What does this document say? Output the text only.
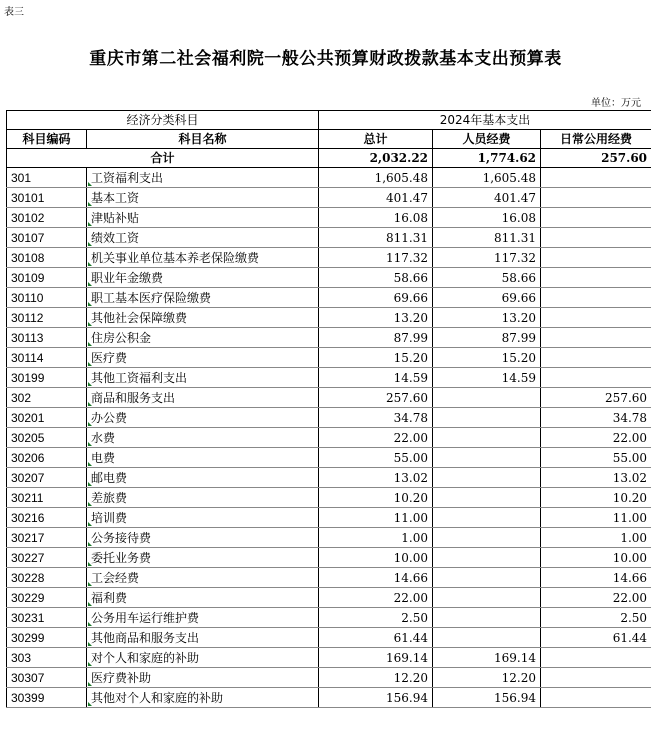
表三
重庆市第二社会福利院一般公共预算财政拨款基本支出预算表
单位：万元
经济分类科目		2024年基本支出		
科目编码	科目名称	总计	人员经费	日常公用经费
合计		2,032.22	1,774.62	257.60
301	工资福利支出	1,605.48	1,605.48	
30101	基本工资	401.47	401.47	
30102	津贴补贴	16.08	16.08	
30107	绩效工资	811.31	811.31	
30108	机关事业单位基本养老保险缴费	117.32	117.32	
30109	职业年金缴费	58.66	58.66	
30110	职工基本医疗保险缴费	69.66	69.66	
30112	其他社会保障缴费	13.20	13.20	
30113	住房公积金	87.99	87.99	
30114	医疗费	15.20	15.20	
30199	其他工资福利支出	14.59	14.59	
302	商品和服务支出	257.60		257.60
30201	办公费	34.78		34.78
30205	水费	22.00		22.00
30206	电费	55.00		55.00
30207	邮电费	13.02		13.02
30211	差旅费	10.20		10.20
30216	培训费	11.00		11.00
30217	公务接待费	1.00		1.00
30227	委托业务费	10.00		10.00
30228	工会经费	14.66		14.66
30229	福利费	22.00		22.00
30231	公务用车运行维护费	2.50		2.50
30299	其他商品和服务支出	61.44		61.44
303	对个人和家庭的补助	169.14	169.14	
30307	医疗费补助	12.20	12.20	
30399	其他对个人和家庭的补助	156.94	156.94	
